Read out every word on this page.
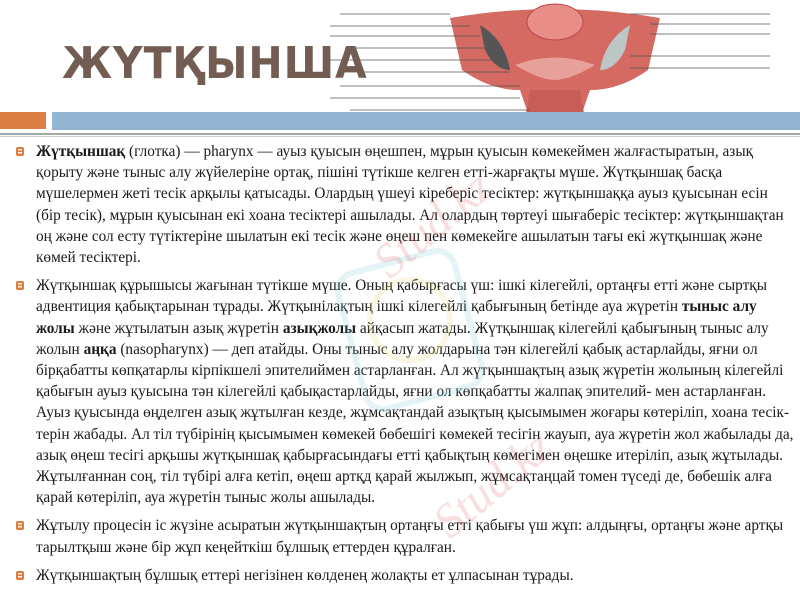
ЖҮТҚЫНША

Жүтқыншақ (глотка) — pharynx — ауыз қуысын өңешпен, мұрын қуысын көмекеймен жалғастыратын, азық қорыту және тыныс алу жүйелеріне ортақ, пішіні түтікше келген етті-жарғақты мүше. Жүтқыншақ басқа мүшелермен жеті тесік арқылы қатысады. Олардың үшеуі кіреберіс тесіктер: жүтқыншаққа ауыз қуысынан есін (бір тесік), мұрын қуысынан екі хоана тесіктері ашылады. Ал олардың төртеуі шығаберіс тесіктер: жүтқыншақтан оң және сол есту түтіктеріне шылатын екі тесік және өңеш пен көмекейге ашылатын тағы екі жүтқыншақ және көмей тесіктері.

Жүтқыншақ құрышысы жағынан түтікше мүше. Оның қабырғасы үш: ішкі кілегейлі, ортаңғы етті және сыртқы адвентиция қабықтарынан тұрады. Жүтқынілақтың ішкі кілегейлі қабығының бетінде ауа жүретін тыныс алу жолы және жұтылатын азық жүретін азықжолы айқасып жатады. Жүтқыншақ кілегейлі қабығының тыныс алу жолын аңқа (nasopharynx) — деп атайды. Оны тыныс алу жолдарына тән кілегейлі қабық астарлайды, яғни ол бірқабатты көпқатарлы кірпікшелі эпителиймен астарланған. Ал жүтқыншақтың азық жүретін жолының кілегейлі қабығын ауыз қуысына тән кілегейлі қабықастарлайды, яғни ол көпқабатты жалпақ эпителий- мен астарланған. Ауыз қуысында өңделген азық жұтылған кезде, жұмсақтандай азықтың қысымымен жоғары көтеріліп, хоана тесік- терін жабады. Ал тіл түбірінің қысымымен көмекей бөбешігі көмекей тесігін жауып, ауа жүретін жол жабылады да, азық өңеш тесігі арқьшы жүтқыншақ қабырғасындағы етті қабықтың көмегімен өңешке итеріліп, азық жұтылады. Жұтылғаннан соң, тіл түбірі алға кетіп, өңеш артқд қарай жылжып, жұмсақтаңцай томен түседі де, бөбешік алға қарай көтеріліп, ауа жүретін тыныс жолы ашылады.

Жұтылу процесін іс жүзіне асыратын жүтқыншақтың ортаңғы етті қабығы үш жұп: алдыңғы, ортаңғы және артқы тарылтқыш және бір жұп кеңейткіш бұлшық еттерден құралған.

Жүтқыншақтың бұлшық еттері негізінен көлденең жолақты ет ұлпасынан тұрады.

Stud.kz
Stud.kz
